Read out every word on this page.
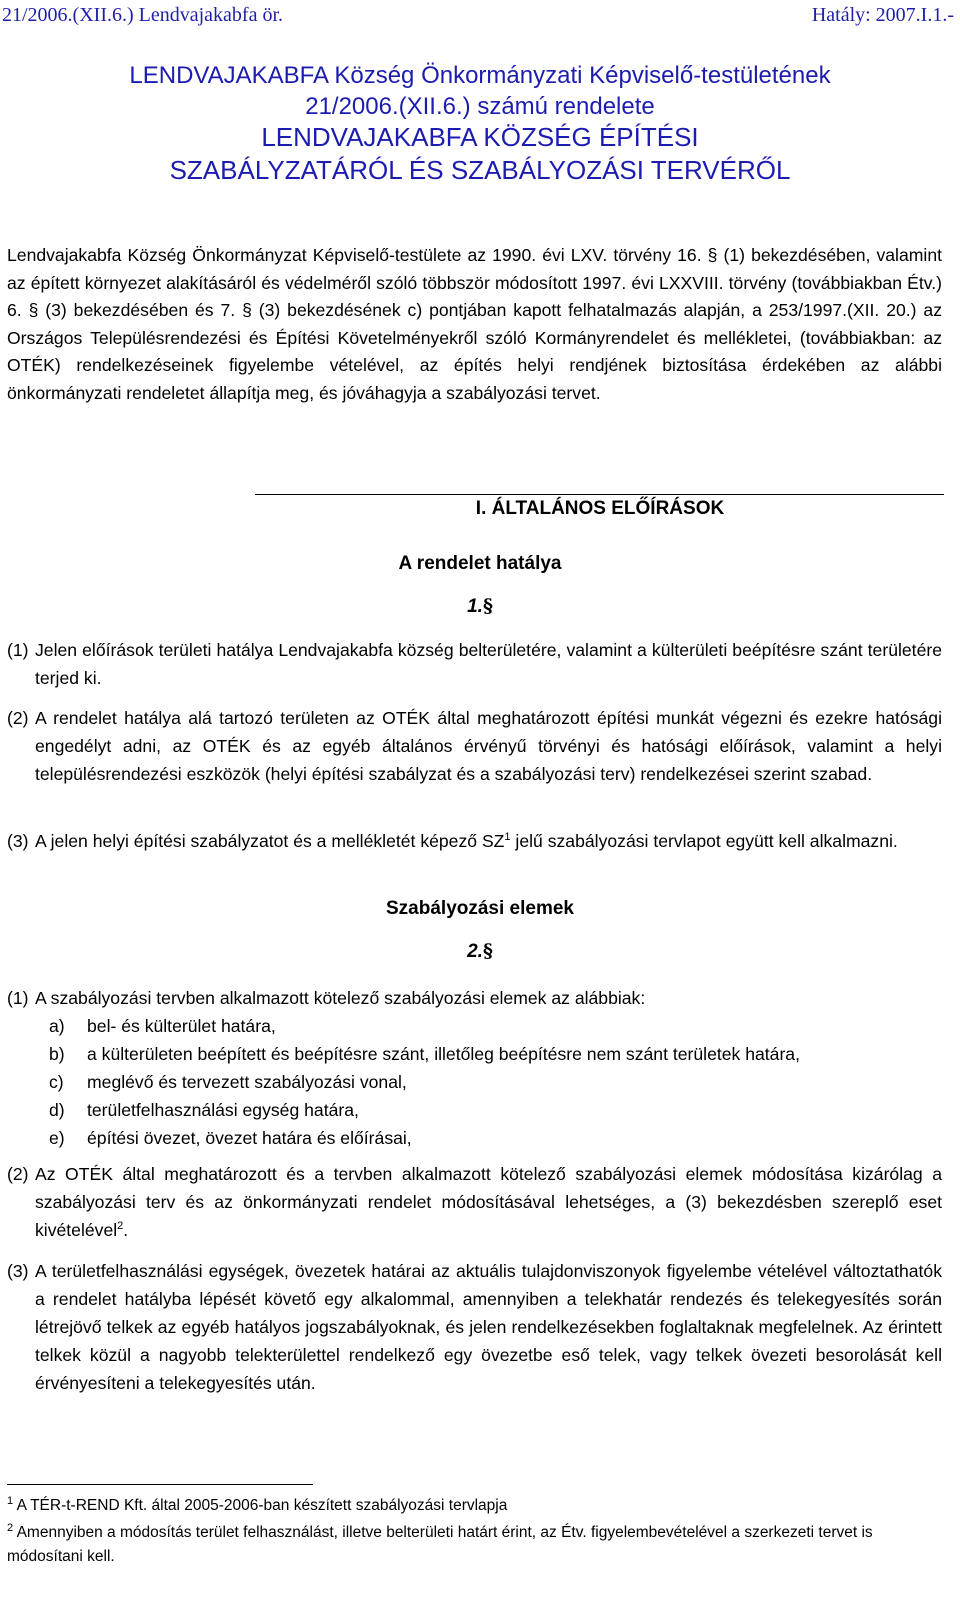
21/2006.(XII.6.) Lendvajakabfa ör.	Hatály: 2007.I.1.-
LENDVAJAKABFA Község Önkormányzati Képviselő-testületének
21/2006.(XII.6.) számú rendelete
LENDVAJAKABFA KÖZSÉG ÉPÍTÉSI
SZABÁLYZATÁRÓL ÉS SZABÁLYOZÁSI TERVÉRŐL
Lendvajakabfa Község Önkormányzat Képviselő-testülete az 1990. évi LXV. törvény 16. § (1) bekezdésében, valamint az épített környezet alakításáról és védelméről szóló többször módosított 1997. évi LXXVIII. törvény (továbbiakban Étv.) 6. § (3) bekezdésében és 7. § (3) bekezdésének c) pontjában kapott felhatalmazás alapján, a 253/1997.(XII. 20.) az Országos Településrendezési és Építési Követelményekről szóló Kormányrendelet és mellékletei, (továbbiakban: az OTÉK) rendelkezéseinek figyelembe vételével, az építés helyi rendjének biztosítása érdekében az alábbi önkormányzati rendeletet állapítja meg, és jóváhagyja a szabályozási tervet.
I. ÁLTALÁNOS ELŐÍRÁSOK
A rendelet hatálya
1.§
(1) Jelen előírások területi hatálya Lendvajakabfa község belterületére, valamint a külterületi beépítésre szánt területére terjed ki.
(2) A rendelet hatálya alá tartozó területen az OTÉK által meghatározott építési munkát végezni és ezekre hatósági engedélyt adni, az OTÉK és az egyéb általános érvényű törvényi és hatósági előírások, valamint a helyi településrendezési eszközök (helyi építési szabályzat és a szabályozási terv) rendelkezései szerint szabad.
(3) A jelen helyi építési szabályzatot és a mellékletét képező $SZ^1$ jelű szabályozási tervlapot együtt kell alkalmazni.
Szabályozási elemek
2.§
(1) A szabályozási tervben alkalmazott kötelező szabályozási elemek az alábbiak:
a) bel- és külterület határa,
b) a külterületen beépített és beépítésre szánt, illetőleg beépítésre nem szánt területek határa,
c) meglévő és tervezett szabályozási vonal,
d) területfelhasználási egység határa,
e) építési övezet, övezet határa és előírásai,
(2) Az OTÉK által meghatározott és a tervben alkalmazott kötelező szabályozási elemek módosítása kizárólag a szabályozási terv és az önkormányzati rendelet módosításával lehetséges, a (3) bekezdésben szereplő eset kivételével$^2$.
(3) A területfelhasználási egységek, övezetek határai az aktuális tulajdonviszonyok figyelembe vételével változtathatók a rendelet hatályba lépését követő egy alkalommal, amennyiben a telekhatár rendezés és telekegyesítés során létrejövő telkek az egyéb hatályos jogszabályoknak, és jelen rendelkezésekben foglaltaknak megfelelnek. Az érintett telkek közül a nagyobb telekterülettel rendelkező egy övezetbe eső telek, vagy telkek övezeti besorolását kell érvényesíteni a telekegyesítés után.
$^1$ A TÉR-t-REND Kft. által 2005-2006-ban készített szabályozási tervlapja
$^2$ Amennyiben a módosítás terület felhasználást, illetve belterületi határt érint, az Étv. figyelembevételével a szerkezeti tervet is módosítani kell.
